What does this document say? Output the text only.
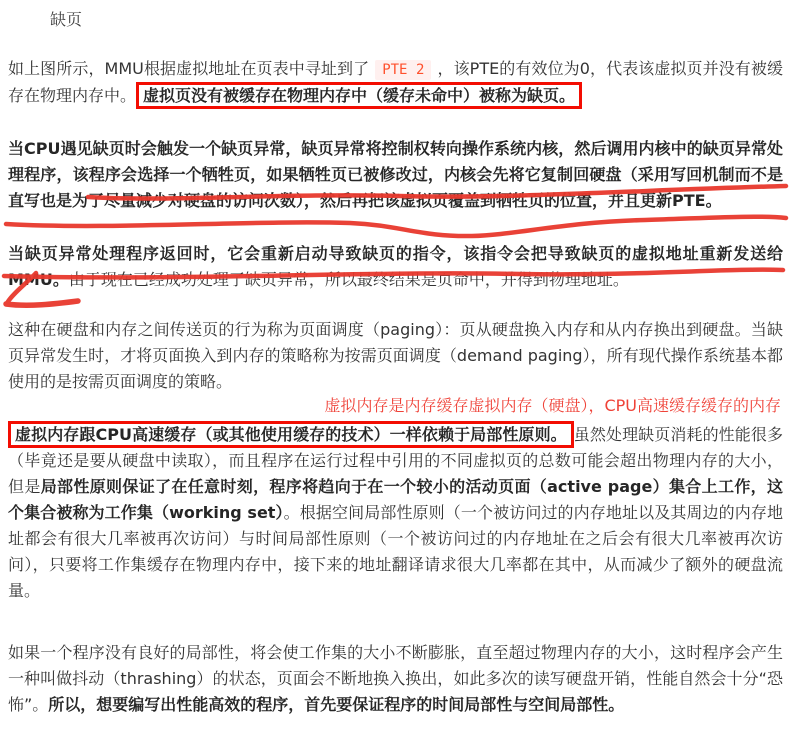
缺页

如上图所示，MMU根据虚拟地址在页表中寻址到了 PTE 2 ，该PTE的有效位为0，代表该虚拟页并没有被缓存在物理内存中。 虚拟页没有被缓存在物理内存中（缓存未命中）被称为缺页。

当CPU遇见缺页时会触发一个缺页异常，缺页异常将控制权转向操作系统内核，然后调用内核中的缺页异常处理程序，该程序会选择一个牺牲页，如果牺牲页已被修改过，内核会先将它复制回硬盘（采用写回机制而不是直写也是为了尽量减少对硬盘的访问次数），然后再把该虚拟页覆盖到牺牲页的位置，并且更新PTE。

当缺页异常处理程序返回时，它会重新启动导致缺页的指令，该指令会把导致缺页的虚拟地址重新发送给MMU。由于现在已经成功处理了缺页异常，所以最终结果是页命中，并得到物理地址。

这种在硬盘和内存之间传送页的行为称为页面调度（paging）：页从硬盘换入内存和从内存换出到硬盘。当缺页异常发生时，才将页面换入到内存的策略称为按需页面调度（demand paging），所有现代操作系统基本都使用的是按需页面调度的策略。

虚拟内存是内存缓存虚拟内存（硬盘），CPU高速缓存缓存的内存

虚拟内存跟CPU高速缓存（或其他使用缓存的技术）一样依赖于局部性原则。 虽然处理缺页消耗的性能很多（毕竟还是要从硬盘中读取），而且程序在运行过程中引用的不同虚拟页的总数可能会超出物理内存的大小，但是局部性原则保证了在任意时刻，程序将趋向于在一个较小的活动页面（active page）集合上工作，这个集合被称为工作集（working set）。根据空间局部性原则（一个被访问过的内存地址以及其周边的内存地址都会有很大几率被再次访问）与时间局部性原则（一个被访问过的内存地址在之后会有很大几率被再次访问），只要将工作集缓存在物理内存中，接下来的地址翻译请求很大几率都在其中，从而减少了额外的硬盘流量。

如果一个程序没有良好的局部性，将会使工作集的大小不断膨胀，直至超过物理内存的大小，这时程序会产生一种叫做抖动（thrashing）的状态，页面会不断地换入换出，如此多次的读写硬盘开销，性能自然会十分“恐怖”。所以，想要编写出性能高效的程序，首先要保证程序的时间局部性与空间局部性。
